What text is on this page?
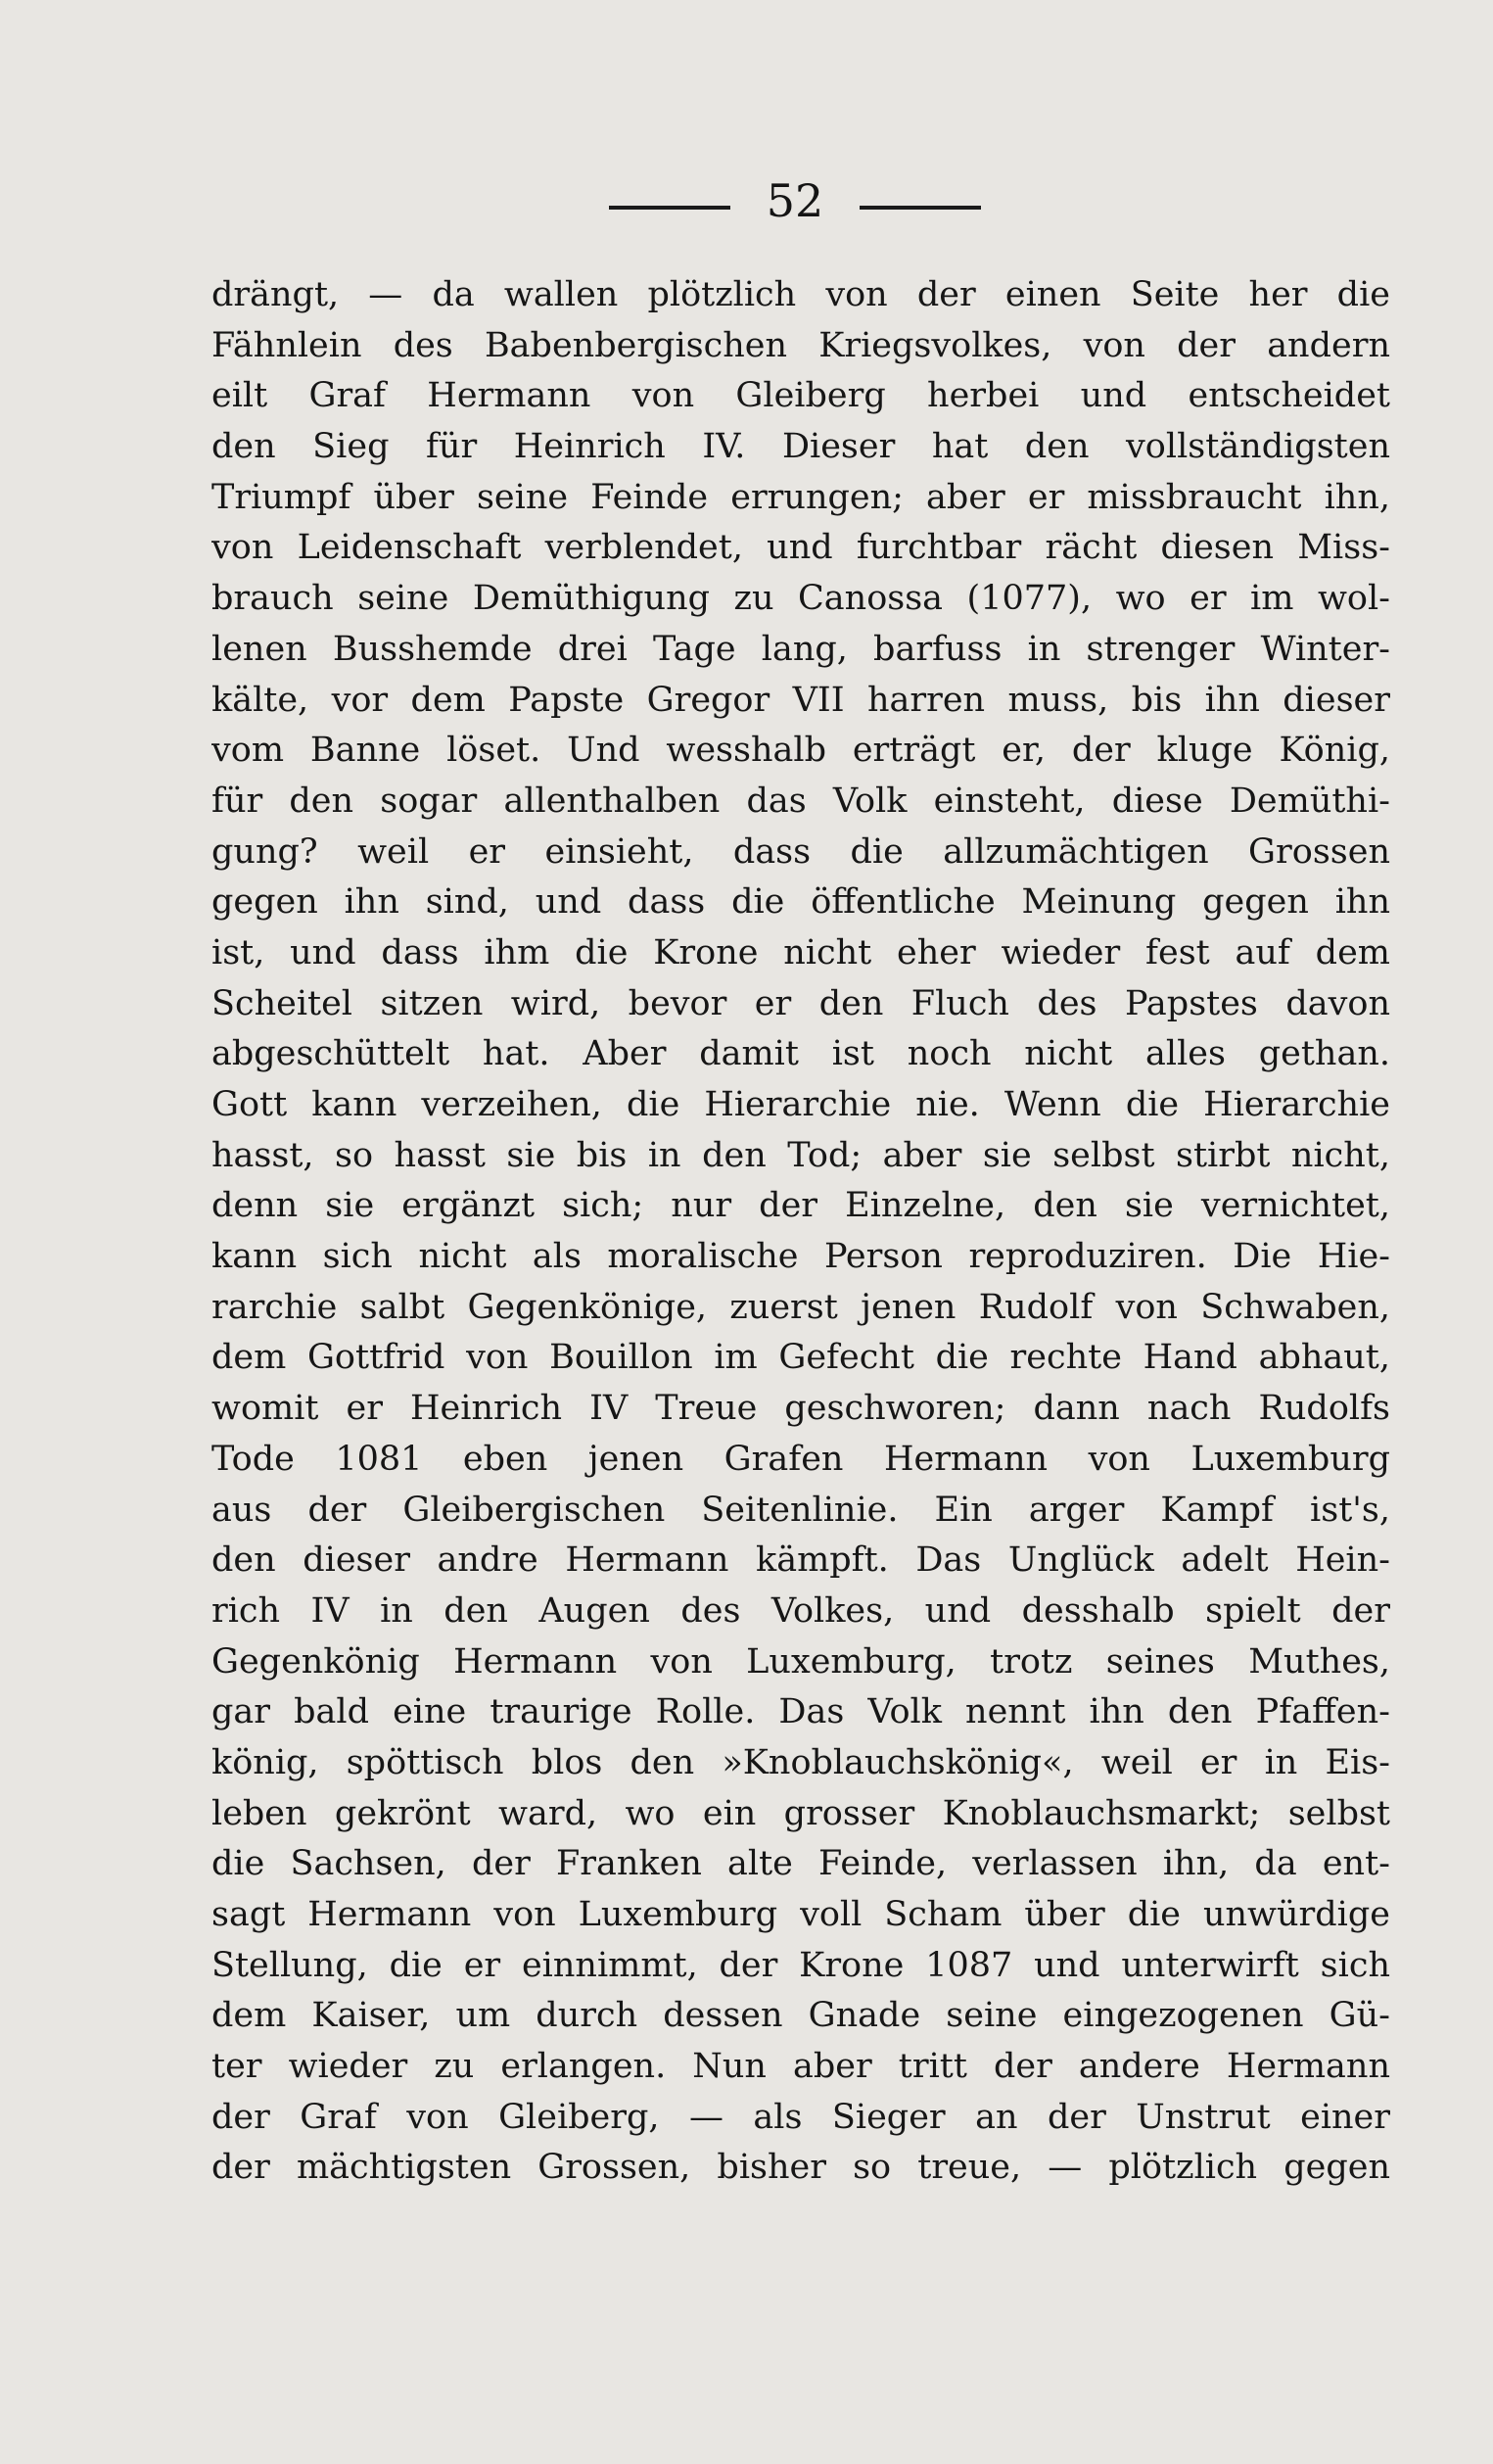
52
drängt, — da wallen plötzlich von der einen Seite her die
Fähnlein des Babenbergischen Kriegsvolkes, von der andern
eilt Graf Hermann von Gleiberg herbei und entscheidet
den Sieg für Heinrich IV. Dieser hat den vollständigsten
Triumpf über seine Feinde errungen; aber er missbraucht ihn,
von Leidenschaft verblendet, und furchtbar rächt diesen Miss-
brauch seine Demüthigung zu Canossa (1077), wo er im wol-
lenen Busshemde drei Tage lang, barfuss in strenger Winter-
kälte, vor dem Papste Gregor VII harren muss, bis ihn dieser
vom Banne löset. Und wesshalb erträgt er, der kluge König,
für den sogar allenthalben das Volk einsteht, diese Demüthi-
gung? weil er einsieht, dass die allzumächtigen Grossen
gegen ihn sind, und dass die öffentliche Meinung gegen ihn
ist, und dass ihm die Krone nicht eher wieder fest auf dem
Scheitel sitzen wird, bevor er den Fluch des Papstes davon
abgeschüttelt hat. Aber damit ist noch nicht alles gethan.
Gott kann verzeihen, die Hierarchie nie. Wenn die Hierarchie
hasst, so hasst sie bis in den Tod; aber sie selbst stirbt nicht,
denn sie ergänzt sich; nur der Einzelne, den sie vernichtet,
kann sich nicht als moralische Person reproduziren. Die Hie-
rarchie salbt Gegenkönige, zuerst jenen Rudolf von Schwaben,
dem Gottfrid von Bouillon im Gefecht die rechte Hand abhaut,
womit er Heinrich IV Treue geschworen; dann nach Rudolfs
Tode 1081 eben jenen Grafen Hermann von Luxemburg
aus der Gleibergischen Seitenlinie. Ein arger Kampf ist's,
den dieser andre Hermann kämpft. Das Unglück adelt Hein-
rich IV in den Augen des Volkes, und desshalb spielt der
Gegenkönig Hermann von Luxemburg, trotz seines Muthes,
gar bald eine traurige Rolle. Das Volk nennt ihn den Pfaffen-
könig, spöttisch blos den »Knoblauchskönig«, weil er in Eis-
leben gekrönt ward, wo ein grosser Knoblauchsmarkt; selbst
die Sachsen, der Franken alte Feinde, verlassen ihn, da ent-
sagt Hermann von Luxemburg voll Scham über die unwürdige
Stellung, die er einnimmt, der Krone 1087 und unterwirft sich
dem Kaiser, um durch dessen Gnade seine eingezogenen Gü-
ter wieder zu erlangen. Nun aber tritt der andere Hermann
der Graf von Gleiberg, — als Sieger an der Unstrut einer
der mächtigsten Grossen, bisher so treue, — plötzlich gegen
